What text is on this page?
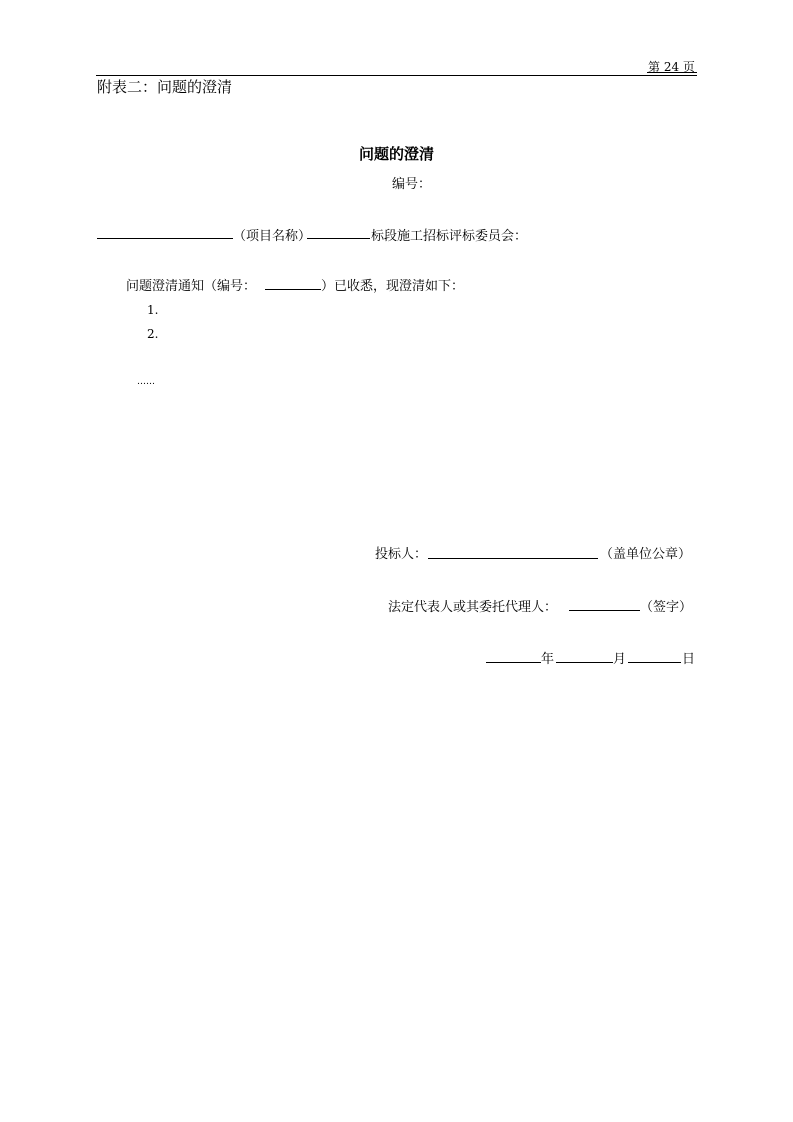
第 24 页
附表二：问题的澄清
问题的澄清
编号：
（项目名称）	标段施工招标评标委员会：
问题澄清通知（编号：	）已收悉，现澄清如下：
1.
2.
……
投标人：	（盖单位公章）
法定代表人或其委托代理人：	（签字）
年	月	日
